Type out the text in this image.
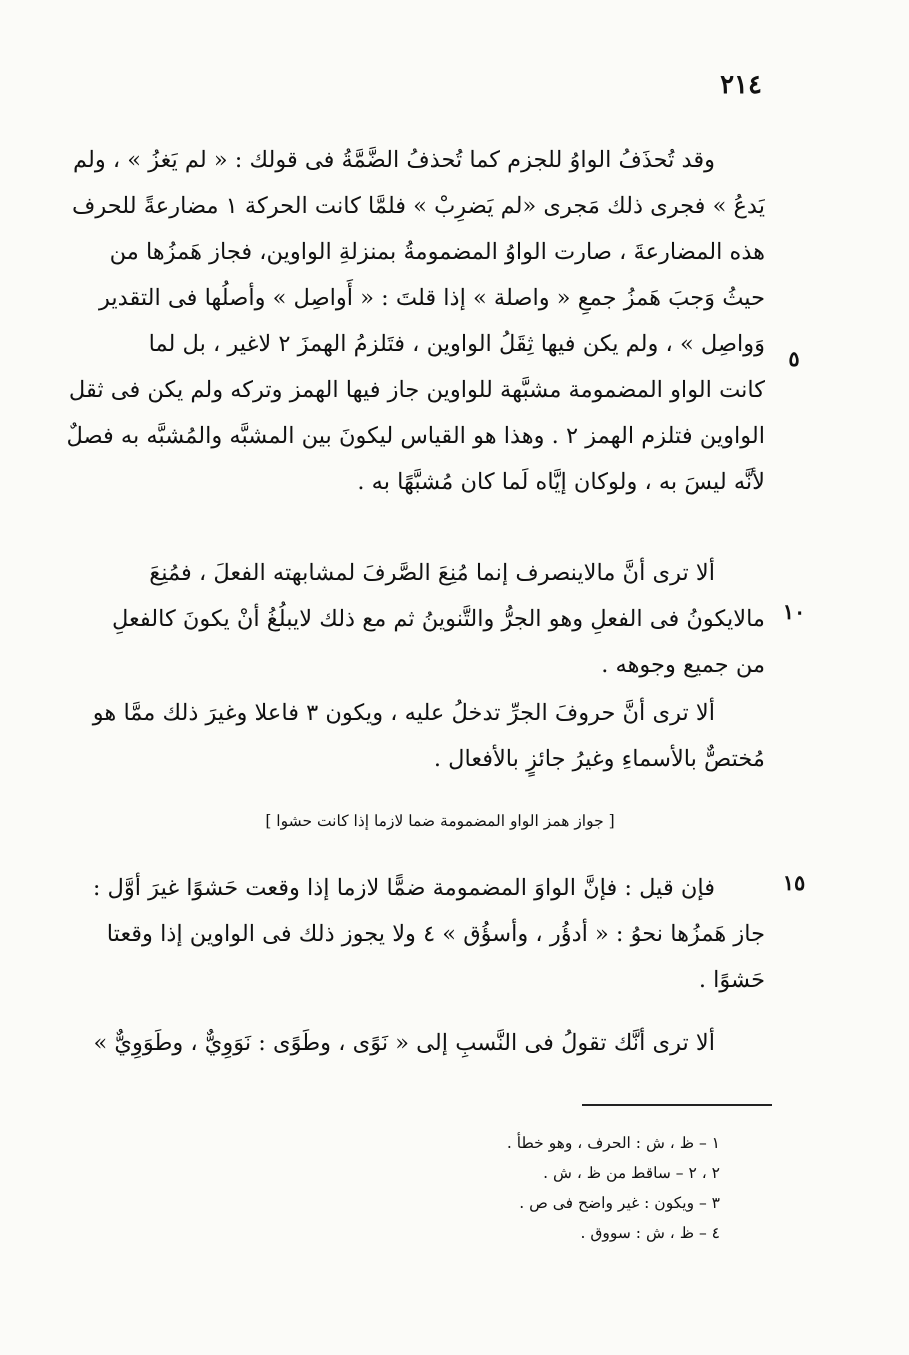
٢١٤
٥
١٠
١٥
وقد تُحذَفُ الواوُ للجزم كما تُحذفُ الضَّمَّةُ فى قولك : « لم يَغزُ » ، ولم
يَدعُ » فجرى ذلك مَجرى «لم يَضرِبْ » فلمَّا كانت الحركة ١ مضارعةً للحرف
هذه المضارعةَ ، صارت الواوُ المضمومةُ بمنزلةِ الواوين، فجاز هَمزُها من
حيثُ وَجبَ هَمزُ جمعِ « واصلة » إذا قلتَ : « أَواصِل » وأصلُها فى التقدير
وَواصِل » ، ولم يكن فيها ثِقَلُ الواوين ، فتَلزمُ الهمزَ ٢ لاغير ، بل لما
كانت الواو المضمومة مشبَّهة للواوين جاز فيها الهمز وتركه ولم يكن فى ثقل
الواوين فتلزم الهمز ٢ . وهذا هو القياس ليكونَ بين المشبَّه والمُشبَّه به فصلٌ
لأنَّه ليسَ به ، ولوكان إيَّاه لَما كان مُشبَّهًا به .
ألا ترى أنَّ مالاينصرف إنما مُنِعَ الصَّرفَ لمشابهته الفعلَ ، فمُنِعَ
مالايكونُ فى الفعلِ وهو الجرُّ والتَّنوينُ ثم مع ذلك لايبلُغُ أنْ يكونَ كالفعلِ
من جميع وجوهه .
ألا ترى أنَّ حروفَ الجرِّ تدخلُ عليه ، ويكون ٣ فاعلا وغيرَ ذلك ممَّا هو
مُختصٌّ بالأسماءِ وغيرُ جائزٍ بالأفعال .
[ جواز همز الواو المضمومة ضما لازما إذا كانت حشوا ]
فإن قيل : فإنَّ الواوَ المضمومة ضمًّا لازما إذا وقعت حَشوًا غيرَ أوَّل :
جاز هَمزُها نحوُ : « أدؤُر ، وأسؤُق » ٤ ولا يجوز ذلك فى الواوين إذا وقعتا
حَشوًا .
ألا ترى أنَّك تقولُ فى النَّسبِ إلى « نَوًى ، وطَوًى : نَوَوِيٌّ ، وطَوَوِيٌّ »
١ – ظ ، ش : الحرف ، وهو خطأ .
٢ ، ٢ – ساقط من ظ ، ش .
٣ – ويكون : غير واضح فى ص .
٤ – ظ ، ش : سووق .
